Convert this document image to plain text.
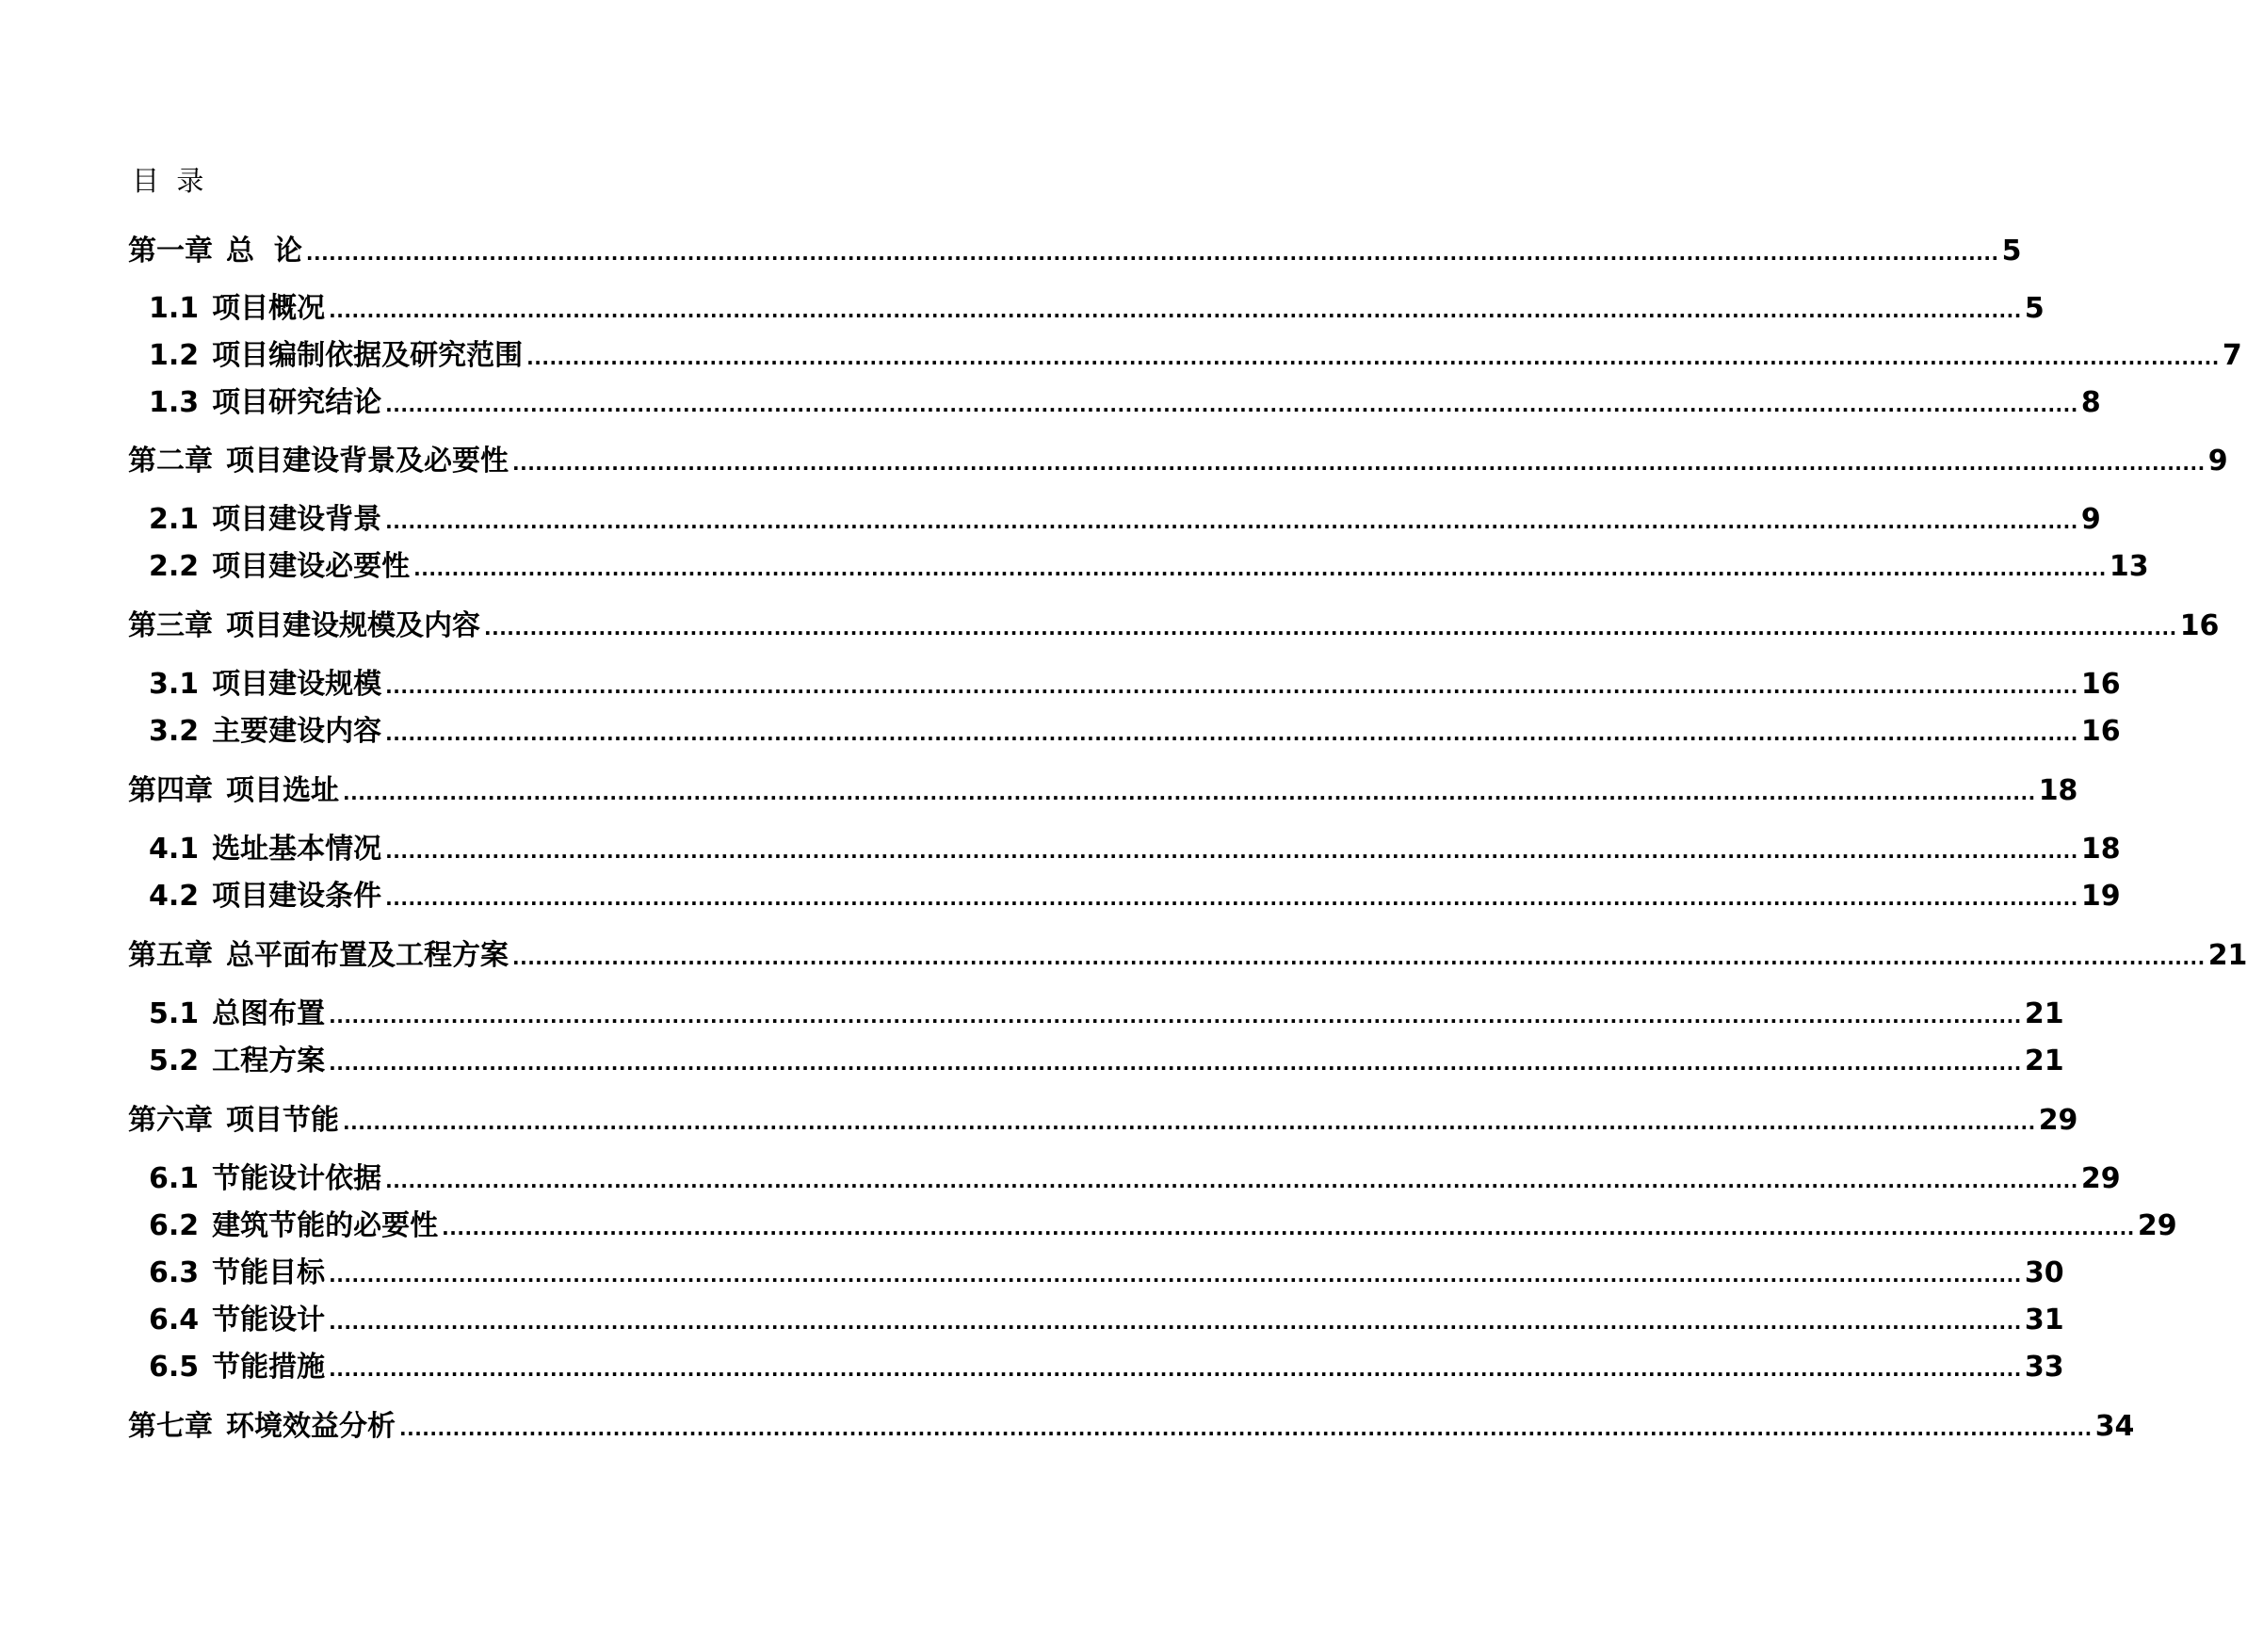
目  录
第一章 总  论 .............................................................................................................................................................................................................................. 5
1.1 项目概况 .............................................................................................................................................................................................................................. 5
1.2 项目编制依据及研究范围 .............................................................................................................................................................................................................................. 7
1.3 项目研究结论 .............................................................................................................................................................................................................................. 8
第二章 项目建设背景及必要性 .............................................................................................................................................................................................................................. 9
2.1 项目建设背景 .............................................................................................................................................................................................................................. 9
2.2 项目建设必要性 .............................................................................................................................................................................................................................. 13
第三章 项目建设规模及内容 .............................................................................................................................................................................................................................. 16
3.1 项目建设规模 .............................................................................................................................................................................................................................. 16
3.2 主要建设内容 .............................................................................................................................................................................................................................. 16
第四章 项目选址 .............................................................................................................................................................................................................................. 18
4.1 选址基本情况 .............................................................................................................................................................................................................................. 18
4.2 项目建设条件 .............................................................................................................................................................................................................................. 19
第五章 总平面布置及工程方案 .............................................................................................................................................................................................................................. 21
5.1 总图布置 .............................................................................................................................................................................................................................. 21
5.2 工程方案 .............................................................................................................................................................................................................................. 21
第六章 项目节能 .............................................................................................................................................................................................................................. 29
6.1 节能设计依据 .............................................................................................................................................................................................................................. 29
6.2 建筑节能的必要性 .............................................................................................................................................................................................................................. 29
6.3 节能目标 .............................................................................................................................................................................................................................. 30
6.4 节能设计 .............................................................................................................................................................................................................................. 31
6.5 节能措施 .............................................................................................................................................................................................................................. 33
第七章 环境效益分析 .............................................................................................................................................................................................................................. 34
